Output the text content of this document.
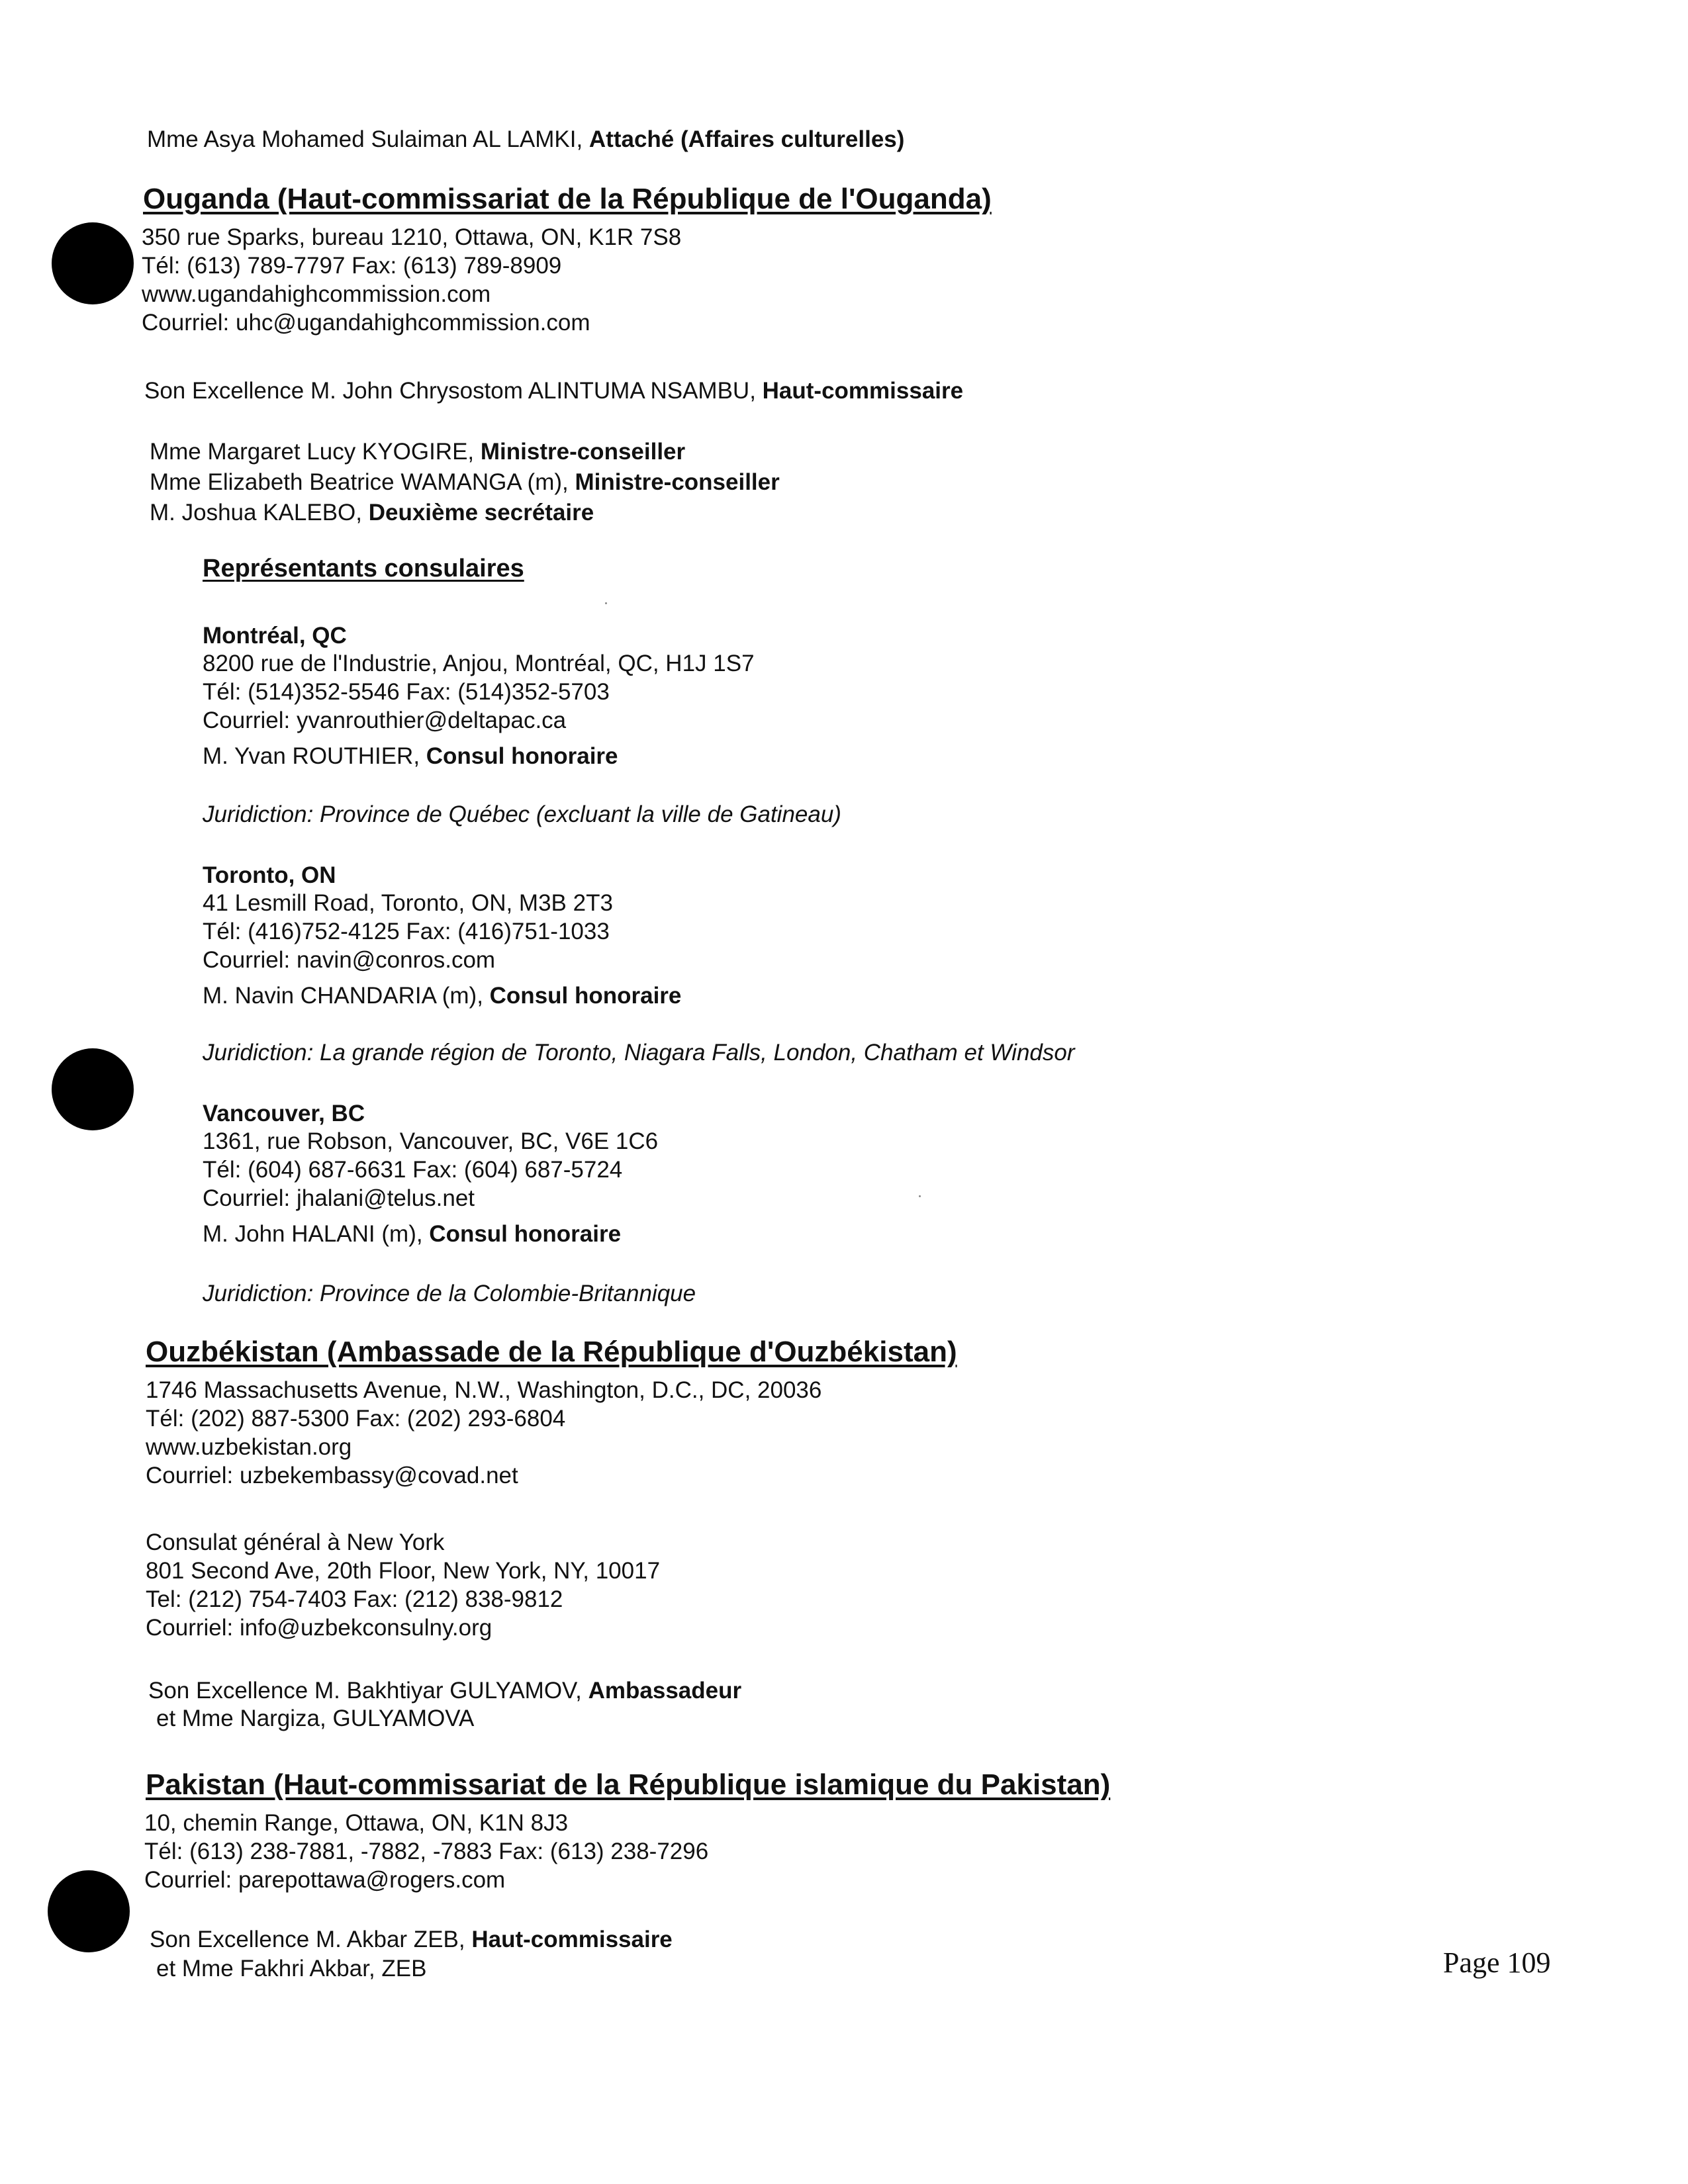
Mme Asya Mohamed Sulaiman AL LAMKI, Attaché (Affaires culturelles)
Ouganda (Haut-commissariat de la République de l'Ouganda)
350 rue Sparks, bureau 1210, Ottawa, ON, K1R 7S8
Tél: (613) 789-7797 Fax: (613) 789-8909
www.ugandahighcommission.com
Courriel: uhc@ugandahighcommission.com
Son Excellence M. John Chrysostom ALINTUMA NSAMBU, Haut-commissaire
Mme Margaret Lucy KYOGIRE, Ministre-conseiller
Mme Elizabeth Beatrice WAMANGA (m), Ministre-conseiller
M. Joshua KALEBO, Deuxième secrétaire
Représentants consulaires
Montréal, QC
8200 rue de l'Industrie, Anjou, Montréal, QC, H1J 1S7
Tél: (514)352-5546 Fax: (514)352-5703
Courriel: yvanrouthier@deltapac.ca
M. Yvan ROUTHIER, Consul honoraire
Juridiction: Province de Québec (excluant la ville de Gatineau)
Toronto, ON
41 Lesmill Road, Toronto, ON, M3B 2T3
Tél: (416)752-4125 Fax: (416)751-1033
Courriel: navin@conros.com
M. Navin CHANDARIA (m), Consul honoraire
Juridiction: La grande région de Toronto, Niagara Falls, London, Chatham et Windsor
Vancouver, BC
1361, rue Robson, Vancouver, BC, V6E 1C6
Tél: (604) 687-6631 Fax: (604) 687-5724
Courriel: jhalani@telus.net
M. John HALANI (m), Consul honoraire
Juridiction: Province de la Colombie-Britannique
Ouzbékistan (Ambassade de la République d'Ouzbékistan)
1746 Massachusetts Avenue, N.W., Washington, D.C., DC, 20036
Tél: (202) 887-5300 Fax: (202) 293-6804
www.uzbekistan.org
Courriel: uzbekembassy@covad.net
Consulat général à New York
801 Second Ave, 20th Floor, New York, NY, 10017
Tel: (212) 754-7403 Fax: (212) 838-9812
Courriel: info@uzbekconsulny.org
Son Excellence M. Bakhtiyar GULYAMOV, Ambassadeur
et Mme Nargiza, GULYAMOVA
Pakistan (Haut-commissariat de la République islamique du Pakistan)
10, chemin Range, Ottawa, ON, K1N 8J3
Tél: (613) 238-7881, -7882, -7883 Fax: (613) 238-7296
Courriel: parepottawa@rogers.com
Son Excellence M. Akbar ZEB, Haut-commissaire
et Mme Fakhri Akbar, ZEB	Page 109
